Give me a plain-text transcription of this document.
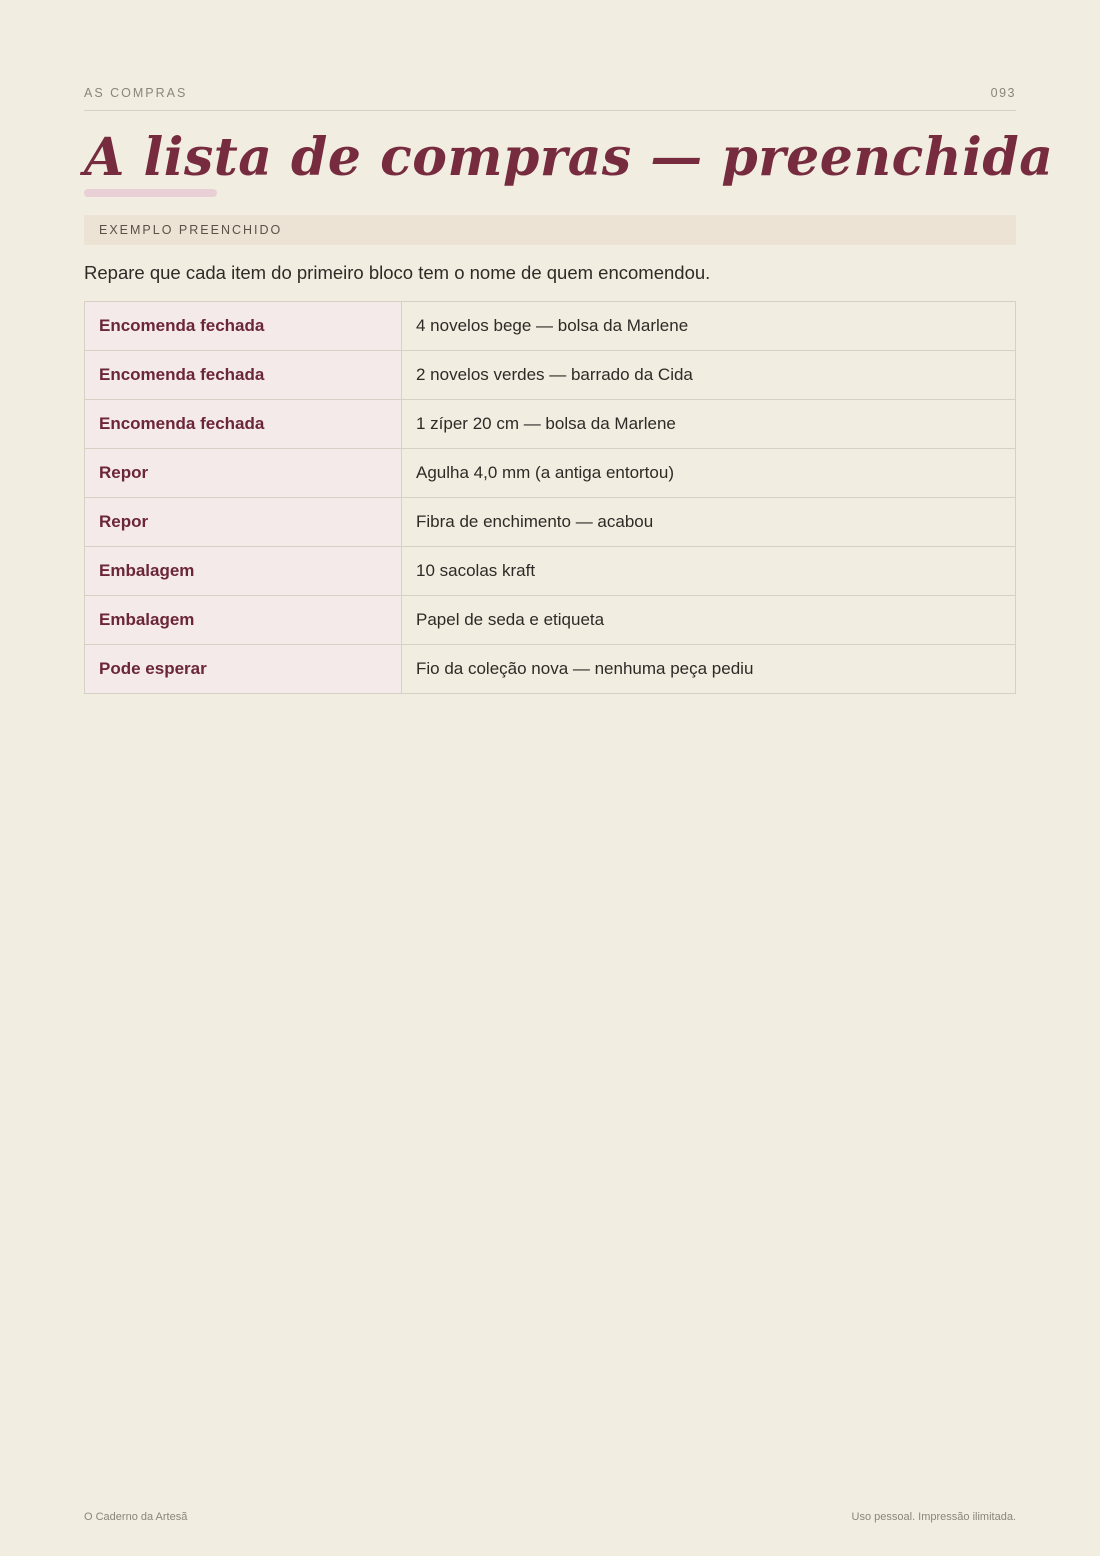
AS COMPRAS	093
A lista de compras — preenchida
EXEMPLO PREENCHIDO

Repare que cada item do primeiro bloco tem o nome de quem encomendou.

Encomenda fechada	4 novelos bege — bolsa da Marlene
Encomenda fechada	2 novelos verdes — barrado da Cida
Encomenda fechada	1 zíper 20 cm — bolsa da Marlene
Repor	Agulha 4,0 mm (a antiga entortou)
Repor	Fibra de enchimento — acabou
Embalagem	10 sacolas kraft
Embalagem	Papel de seda e etiqueta
Pode esperar	Fio da coleção nova — nenhuma peça pediu
O Caderno da Artesã	Uso pessoal. Impressão ilimitada.
